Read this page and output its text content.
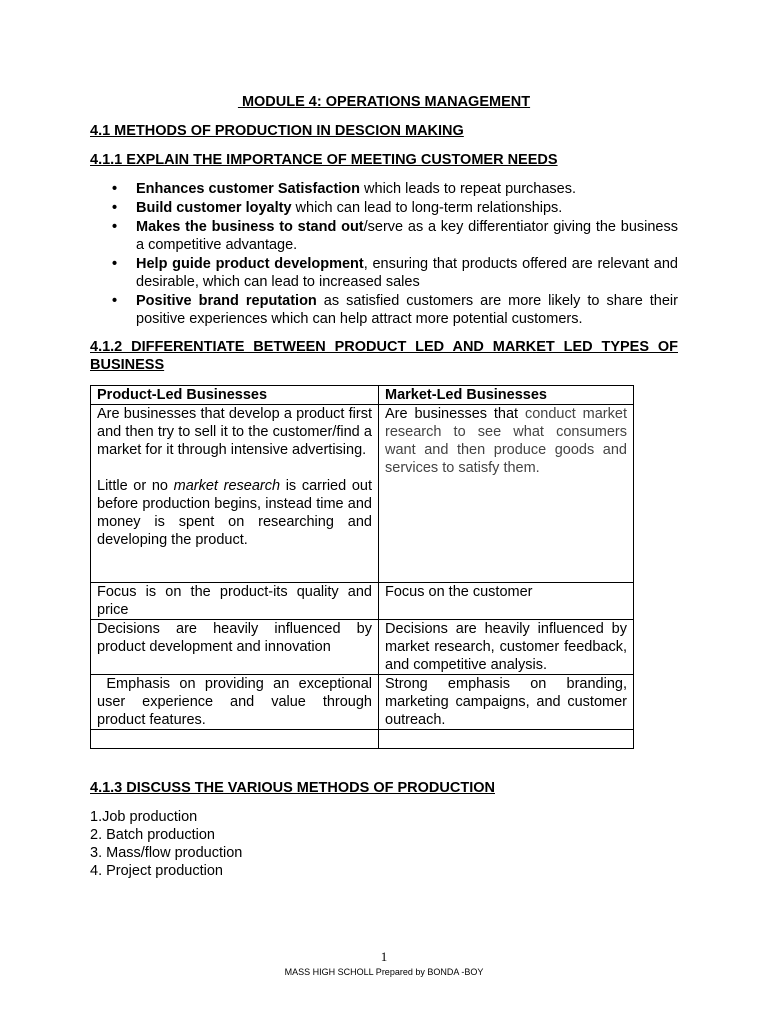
MODULE 4: OPERATIONS MANAGEMENT
4.1 METHODS OF PRODUCTION IN DESCION MAKING
4.1.1 EXPLAIN THE IMPORTANCE OF MEETING CUSTOMER NEEDS
• Enhances customer Satisfaction which leads to repeat purchases.
• Build customer loyalty which can lead to long-term relationships.
• Makes the business to stand out/serve as a key differentiator giving the business a competitive advantage.
• Help guide product development, ensuring that products offered are relevant and desirable, which can lead to increased sales
• Positive brand reputation as satisfied customers are more likely to share their positive experiences which can help attract more potential customers.
4.1.2 DIFFERENTIATE BETWEEN PRODUCT LED AND MARKET LED TYPES OF BUSINESS
Product-Led Businesses	Market-Led Businesses

Are businesses that develop a product first and then try to sell it to the customer/find a market for it through intensive advertising.
Little or no market research is carried out before production begins, instead time and money is spent on researching and developing the product.	Are businesses that conduct market research to see what consumers want and then produce goods and services to satisfy them.
Focus is on the product-its quality and price	Focus on the customer
Decisions are heavily influenced by product development and innovation	Decisions are heavily influenced by market research, customer feedback, and competitive analysis.
Emphasis on providing an exceptional user experience and value through product features.	Strong emphasis on branding, marketing campaigns, and customer outreach.

4.1.3 DISCUSS THE VARIOUS METHODS OF PRODUCTION
1.Job production
2. Batch production
3. Mass/flow production
4. Project production
1
MASS HIGH SCHOLL Prepared by BONDA -BOY
